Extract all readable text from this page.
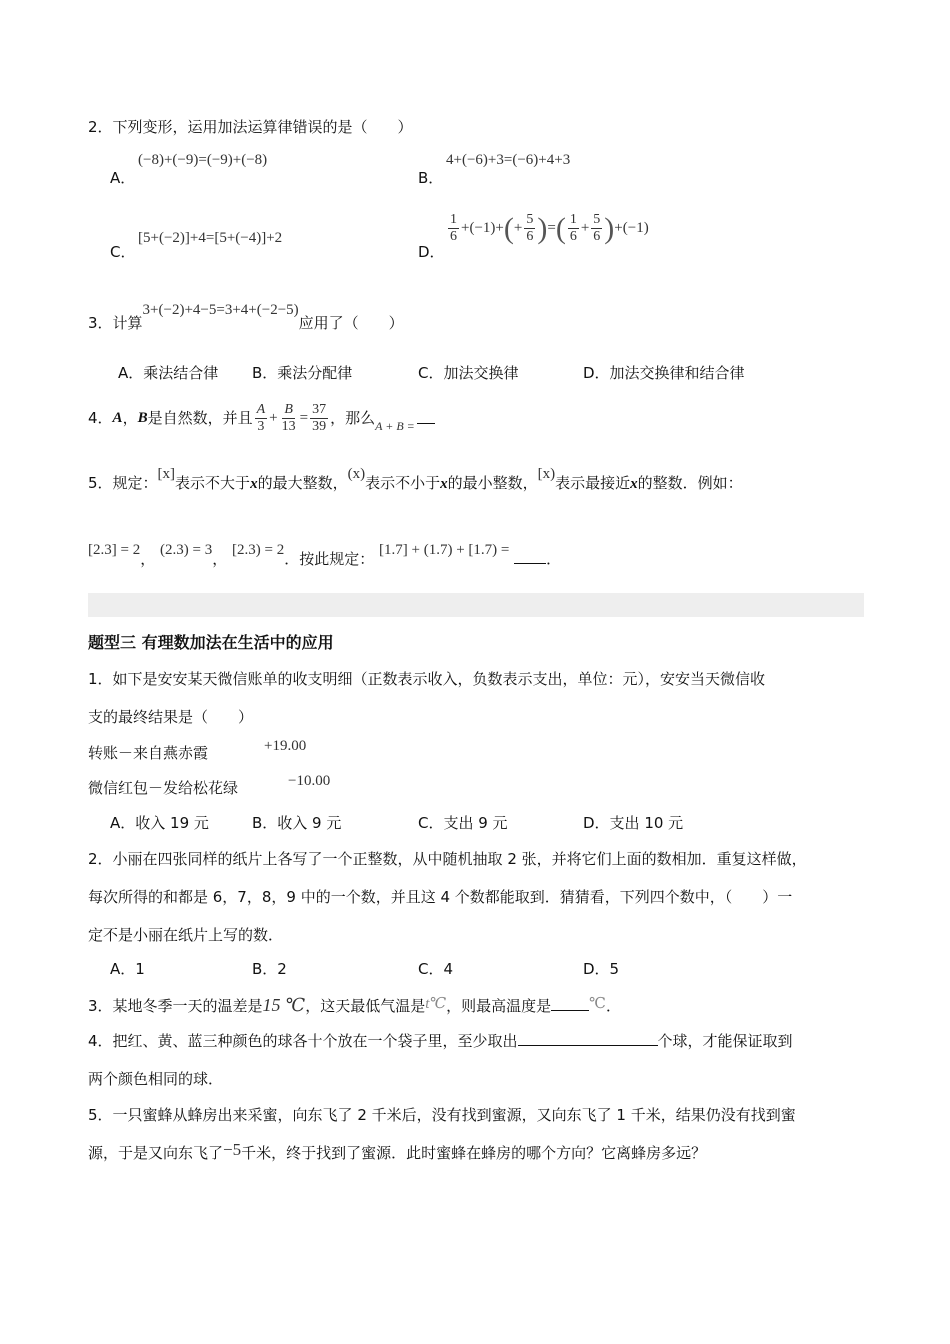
2．下列变形，运用加法运算律错误的是（　　）
A．
(−8)+(−9)=(−9)+(−8)
B．
4+(−6)+3=(−6)+4+3
C．
[5+(−2)]+4=[5+(−4)]+2
D．
$\frac{1}{6} +(-1)+$ ( + $\frac{5}{6}$ ) = ( $\frac{1}{6} + \frac{5}{6}$ ) +(−1)
3．计算3+(−2)+4−5=3+4+(−2−5)应用了（　　）
A．乘法结合律 B．乘法分配律	C．加法交换律	D．加法交换律和结合律
4． A ， B 是自然数，并且 $\frac{A}{3} + \frac{B}{13} = \frac{37}{39}$ ，那么 A + B =
5．规定：[x]表示不大于x的最大整数，(x)表示不小于x的最小整数，[x)表示最接近x的整数．例如：
[2.3] = 2， (2.3) = 3， [2.3) = 2．按此规定： [1.7] + (1.7) + [1.7) = ．
题型三 有理数加法在生活中的应用
1．如下是安安某天微信账单的收支明细（正数表示收入，负数表示支出，单位：元），安安当天微信收
支的最终结果是（　　）
转账－来自燕赤霞	+19.00
微信红包－发给松花绿	−10.00
A．收入 19 元	B．收入 9 元	C．支出 9 元	D．支出 10 元
2．小丽在四张同样的纸片上各写了一个正整数，从中随机抽取 2 张，并将它们上面的数相加．重复这样做，
每次所得的和都是 6，7，8，9 中的一个数，并且这 4 个数都能取到．猜猜看，下列四个数中，（　　）一
定不是小丽在纸片上写的数．
A．1	B．2	C．4	D．5
3．某地冬季一天的温差是15 ℃，这天最低气温是t℃，则最高温度是	℃．
4．把红、黄、蓝三种颜色的球各十个放在一个袋子里，至少取出	个球，才能保证取到
两个颜色相同的球．
5．一只蜜蜂从蜂房出来采蜜，向东飞了 2 千米后，没有找到蜜源，又向东飞了 1 千米，结果仍没有找到蜜
源，于是又向东飞了−5千米，终于找到了蜜源．此时蜜蜂在蜂房的哪个方向？它离蜂房多远？
